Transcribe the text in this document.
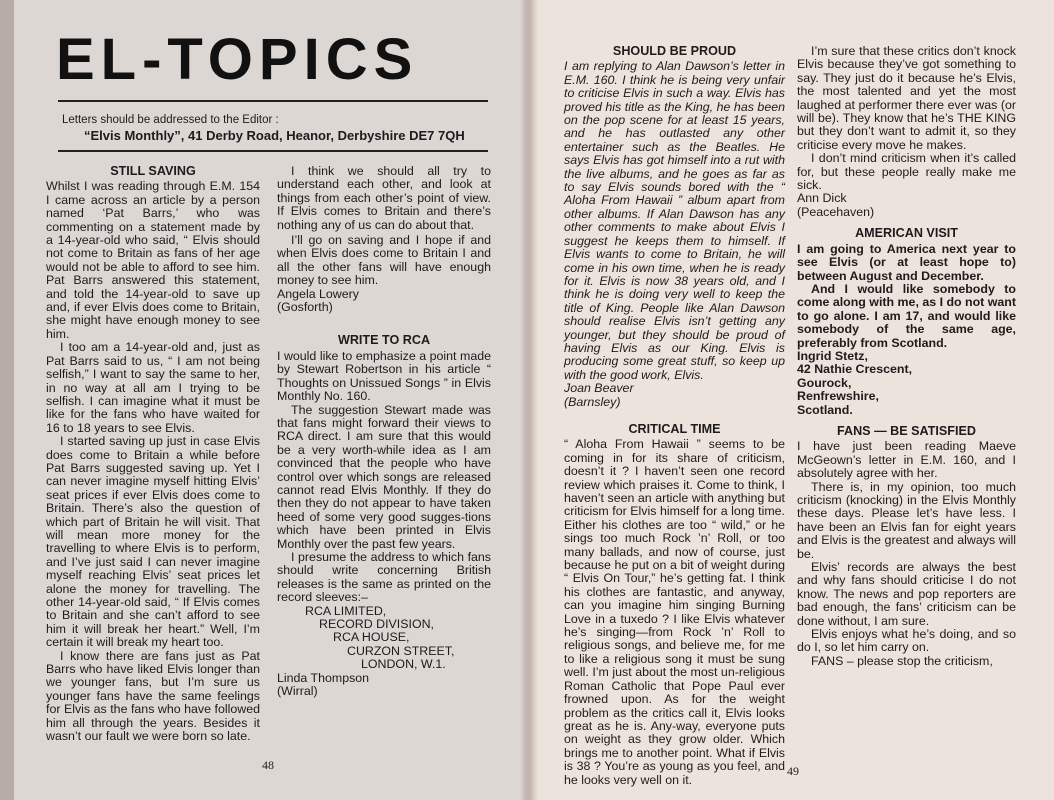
EL-TOPICS
Letters should be addressed to the Editor :
“Elvis Monthly”, 41 Derby Road, Heanor, Derbyshire DE7 7QH
STILL SAVING

Whilst I was reading through E.M. 154 I came across an article by a person named ‘Pat Barrs,’ who was commenting on a statement made by a 14-year-old who said, “ Elvis should not come to Britain as fans of her age would not be able to afford to see him. Pat Barrs answered this statement, and told the 14-year-old to save up and, if ever Elvis does come to Britain, she might have enough money to see him.

I too am a 14-year-old and, just as Pat Barrs said to us, “ I am not being selfish,” I want to say the same to her, in no way at all am I trying to be selfish. I can imagine what it must be like for the fans who have waited for 16 to 18 years to see Elvis.

I started saving up just in case Elvis does come to Britain a while before Pat Barrs suggested saving up. Yet I can never imagine myself hitting Elvis’ seat prices if ever Elvis does come to Britain. There’s also the question of which part of Britain he will visit. That will mean more money for the travelling to where Elvis is to perform, and I’ve just said I can never imagine myself reaching Elvis’ seat prices let alone the money for travelling. The other 14-year-old said, “ If Elvis comes to Britain and she can’t afford to see him it will break her heart.” Well, I’m certain it will break my heart too.

I know there are fans just as Pat Barrs who have liked Elvis longer than we younger fans, but I’m sure us younger fans have the same feelings for Elvis as the fans who have followed him all through the years. Besides it wasn’t our fault we were born so late.

I think we should all try to understand each other, and look at things from each other’s point of view. If Elvis comes to Britain and there’s nothing any of us can do about that.

I’ll go on saving and I hope if and when Elvis does come to Britain I and all the other fans will have enough money to see him.

Angela Lowery

(Gosforth)

WRITE TO RCA

I would like to emphasize a point made by Stewart Robertson in his article “ Thoughts on Unissued Songs ” in Elvis Monthly No. 160.

The suggestion Stewart made was that fans might forward their views to RCA direct. I am sure that this would be a very worth-while idea as I am convinced that the people who have control over which songs are released cannot read Elvis Monthly. If they do then they do not appear to have taken heed of some very good sugges-tions which have been printed in Elvis Monthly over the past few years.

I presume the address to which fans should write concerning British releases is the same as printed on the record sleeves:–

RCA LIMITED,
RECORD DIVISION,
RCA HOUSE,
CURZON STREET,
LONDON, W.1.

Linda Thompson

(Wirral)

48
SHOULD BE PROUD

I am replying to Alan Dawson’s letter in E.M. 160. I think he is being very unfair to criticise Elvis in such a way. Elvis has proved his title as the King, he has been on the pop scene for at least 15 years, and he has outlasted any other entertainer such as the Beatles. He says Elvis has got himself into a rut with the live albums, and he goes as far as to say Elvis sounds bored with the “ Aloha From Hawaii ” album apart from other albums. If Alan Dawson has any other comments to make about Elvis I suggest he keeps them to himself. If Elvis wants to come to Britain, he will come in his own time, when he is ready for it. Elvis is now 38 years old, and I think he is doing very well to keep the title of King. People like Alan Dawson should realise Elvis isn’t getting any younger, but they should be proud of having Elvis as our King. Elvis is producing some great stuff, so keep up with the good work, Elvis.

Joan Beaver

(Barnsley)

CRITICAL TIME

“ Aloha From Hawaii ” seems to be coming in for its share of criticism, doesn’t it ? I haven’t seen one record review which praises it. Come to think, I haven’t seen an article with anything but criticism for Elvis himself for a long time. Either his clothes are too “ wild,” or he sings too much Rock ’n’ Roll, or too many ballads, and now of course, just because he put on a bit of weight during “ Elvis On Tour,” he’s getting fat. I think his clothes are fantastic, and anyway, can you imagine him singing Burning Love in a tuxedo ? I like Elvis whatever he’s singing—from Rock ’n’ Roll to religious songs, and believe me, for me to like a religious song it must be sung well. I’m just about the most un-religious Roman Catholic that Pope Paul ever frowned upon. As for the weight problem as the critics call it, Elvis looks great as he is. Any-way, everyone puts on weight as they grow older. Which brings me to another point. What if Elvis is 38 ? You’re as young as you feel, and he looks very well on it.

I’m sure that these critics don’t knock Elvis because they’ve got something to say. They just do it because he’s Elvis, the most talented and yet the most laughed at performer there ever was (or will be). They know that he’s THE KING but they don’t want to admit it, so they criticise every move he makes.

I don’t mind criticism when it’s called for, but these people really make me sick.

Ann Dick

(Peacehaven)

AMERICAN VISIT

I am going to America next year to see Elvis (or at least hope to) between August and December.

And I would like somebody to come along with me, as I do not want to go alone. I am 17, and would like somebody of the same age, preferably from Scotland.

Ingrid Stetz,
42 Nathie Crescent,
Gourock,
Renfrewshire,
Scotland.
FANS — BE SATISFIED

I have just been reading Maeve McGeown’s letter in E.M. 160, and I absolutely agree with her.

There is, in my opinion, too much criticism (knocking) in the Elvis Monthly these days. Please let’s have less. I have been an Elvis fan for eight years and Elvis is the greatest and always will be.

Elvis’ records are always the best and why fans should criticise I do not know. The news and pop reporters are bad enough, the fans’ criticism can be done without, I am sure.

Elvis enjoys what he’s doing, and so do I, so let him carry on.

FANS – please stop the criticism,

49
